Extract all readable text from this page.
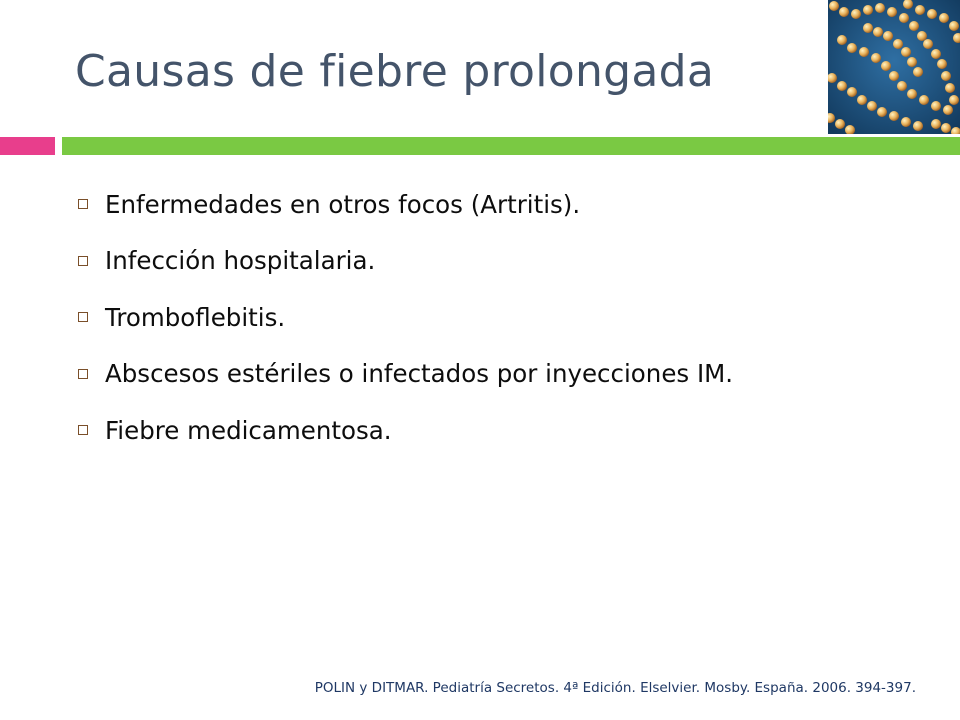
Causas de fiebre prolongada
Enfermedades en otros focos (Artritis).
Infección hospitalaria.
Tromboflebitis.
Abscesos estériles o infectados por inyecciones IM.
Fiebre medicamentosa.

POLIN y DITMAR. Pediatría Secretos. 4ª Edición. Elselvier. Mosby. España. 2006. 394-397.
